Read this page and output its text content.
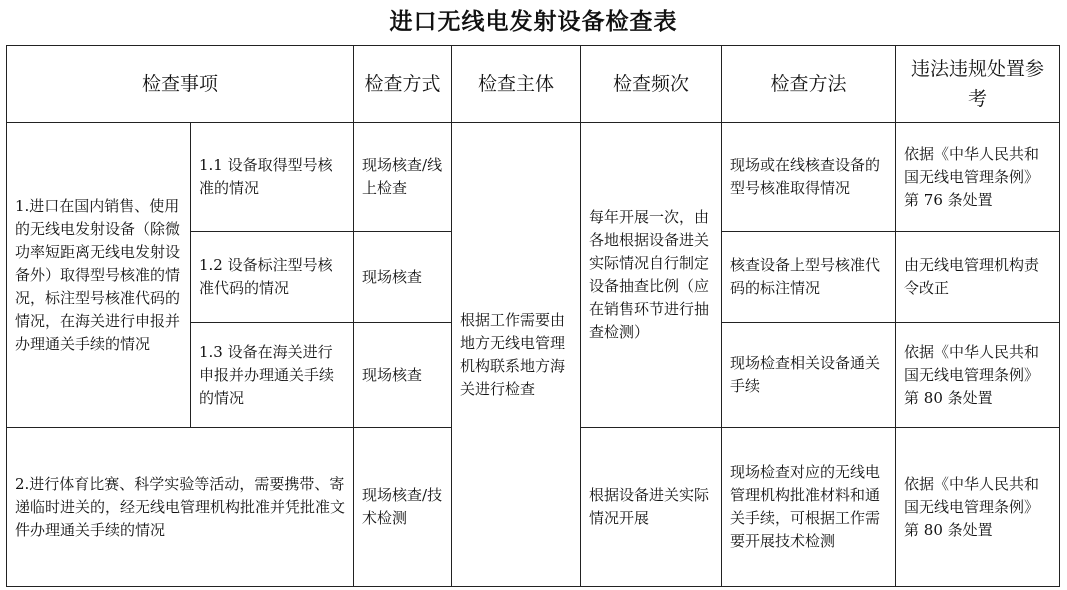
进口无线电发射设备检查表
检查事项		检查方式	检查主体	检查频次	检查方法	违法违规处置参考
1.进口在国内销售、使用的无线电发射设备（除微功率短距离无线电发射设备外）取得型号核准的情况，标注型号核准代码的情况，在海关进行申报并办理通关手续的情况	1.1 设备取得型号核准的情况	现场核查/线上检查	根据工作需要由地方无线电管理机构联系地方海关进行检查	每年开展一次，由各地根据设备进关实际情况自行制定设备抽查比例（应在销售环节进行抽查检测）	现场或在线核查设备的型号核准取得情况	依据《中华人民共和国无线电管理条例》第 76 条处置
	1.2 设备标注型号核准代码的情况	现场核查			核查设备上型号核准代码的标注情况	由无线电管理机构责令改正
	1.3 设备在海关进行申报并办理通关手续的情况	现场核查			现场检查相关设备通关手续	依据《中华人民共和国无线电管理条例》第 80 条处置
2.进行体育比赛、科学实验等活动，需要携带、寄递临时进关的，经无线电管理机构批准并凭批准文件办理通关手续的情况		现场核查/技术检测		根据设备进关实际情况开展	现场检查对应的无线电管理机构批准材料和通关手续，可根据工作需要开展技术检测	依据《中华人民共和国无线电管理条例》第 80 条处置
